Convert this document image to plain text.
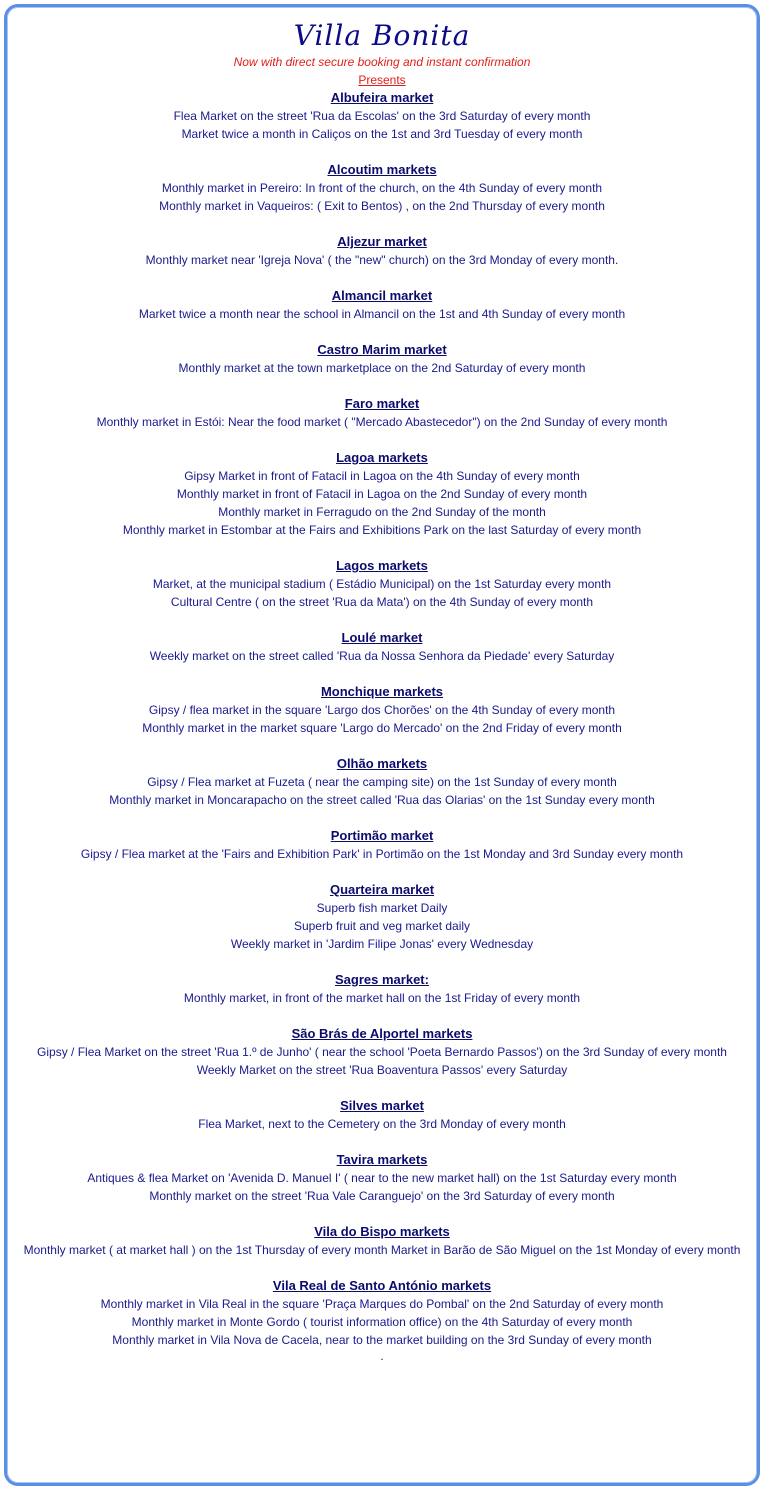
Villa Bonita
Now with direct secure booking and instant confirmation
Presents
Albufeira market
Flea Market on the street 'Rua da Escolas' on the 3rd Saturday of every month
Market twice a month in Caliços on the 1st and 3rd Tuesday of every month
Alcoutim markets
Monthly market in Pereiro: In front of the church, on the 4th Sunday of every month
Monthly market in Vaqueiros: ( Exit to Bentos) , on the 2nd Thursday of every month
Aljezur market
Monthly market near 'Igreja Nova' ( the "new" church) on the 3rd Monday of every month.
Almancil market
Market twice a month near the school in Almancil on the 1st and 4th Sunday of every month
Castro Marim market
Monthly market at the town marketplace on the 2nd Saturday of every month
Faro market
Monthly market in Estói: Near the food market ( "Mercado Abastecedor") on the 2nd Sunday of every month
Lagoa markets
Gipsy Market in front of Fatacil in Lagoa on the 4th Sunday of every month
Monthly market in front of Fatacil in Lagoa on the 2nd Sunday of every month
Monthly market in Ferragudo on the 2nd Sunday of the month
Monthly market in Estombar at the Fairs and Exhibitions Park on the last Saturday of every month
Lagos markets
Market, at the municipal stadium ( Estádio Municipal) on the 1st Saturday every month
Cultural Centre ( on the street 'Rua da Mata') on the 4th Sunday of every month
Loulé market
Weekly market on the street called 'Rua da Nossa Senhora da Piedade' every Saturday
Monchique markets
Gipsy / flea market in the square 'Largo dos Chorões' on the 4th Sunday of every month
Monthly market in the market square 'Largo do Mercado' on the 2nd Friday of every month
Olhão markets
Gipsy / Flea market at Fuzeta ( near the camping site) on the 1st Sunday of every month
Monthly market in Moncarapacho on the street called 'Rua das Olarias' on the 1st Sunday every month
Portimão market
Gipsy / Flea market at the 'Fairs and Exhibition Park' in Portimão on the 1st Monday and 3rd Sunday every month
Quarteira market
Superb fish market Daily
Superb fruit and veg market daily
Weekly market in 'Jardim Filipe Jonas' every Wednesday
Sagres market:
Monthly market, in front of the market hall on the 1st Friday of every month
São Brás de Alportel markets
Gipsy / Flea Market on the street 'Rua 1.º de Junho' ( near the school 'Poeta Bernardo Passos') on the 3rd Sunday of every month
Weekly Market on the street 'Rua Boaventura Passos' every Saturday
Silves market
Flea Market, next to the Cemetery on the 3rd Monday of every month
Tavira markets
Antiques & flea Market on 'Avenida D. Manuel I' ( near to the new market hall) on the 1st Saturday every month
Monthly market on the street 'Rua Vale Caranguejo' on the 3rd Saturday of every month
Vila do Bispo markets
Monthly market ( at market hall ) on the 1st Thursday of every month Market in Barão de São Miguel on the 1st Monday of every month
Vila Real de Santo António markets
Monthly market in Vila Real in the square 'Praça Marques do Pombal' on the 2nd Saturday of every month
Monthly market in Monte Gordo ( tourist information office) on the 4th Saturday of every month
Monthly market in Vila Nova de Cacela, near to the market building on the 3rd Sunday of every month
.
